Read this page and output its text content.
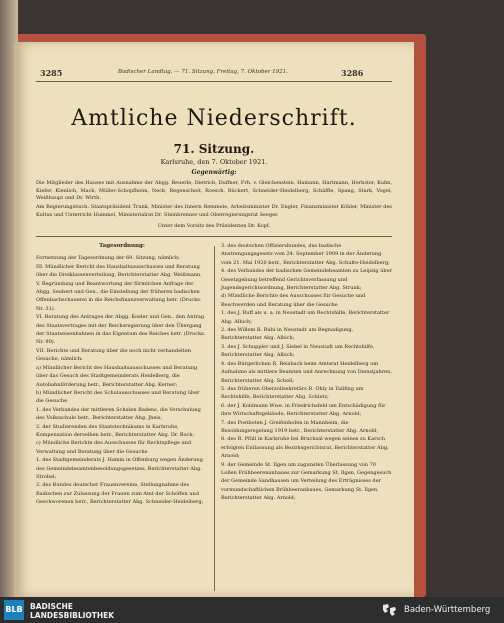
3285	Badischer Landtag. — 71. Sitzung. Freitag, 7. Oktober 1921.	3286
Amtliche Niederschrift.
71. Sitzung.
Karlsruhe, den 7. Oktober 1921.
Gegenwärtig:
Die Mitglieder des Hauses mit Ausnahme der Abgg. Beuerle, Dietrich, Duffner, Frh. v. Gleichenstein, Hamann, Hartmann, Herbster, Kuhn, Kiefer, Kienlich, Mack, Müller-Schopfheim, Neck, Regenscheit, Roesch, Rückert, Schneider-Heidelberg, Schäffle, Spang, Stark, Vogel, Weißhaupt und Dr. Wirth.
Am Regierungstisch: Staatspräsident Trunk, Minister des Innern Remmele, Arbeitsminister Dr. Engler, Finanzminister Köhler, Minister des Kultus und Unterricht Hummel, Ministerialrat Dr. Steinbrenner und Oberregierungsrat Seeger.
Unter dem Vorsitz des Präsidenten Dr. Kopf.
Tagesordnung:
Fortsetzung der Tagesordnung der 69. Sitzung, nämlich:
III. Mündlicher Bericht des Haushaltsausschusses und Beratung über die Dreiklassenverteilung, Berichterstatter Abg. Weißmann.
V. Begründung und Beantwortung der förmlichen Anfrage der Abgg. Seubert und Gen., die Einstellung der früheren badischen Offenbachschauerei in die Reichsfinanzverwaltung betr. (Drucks. Nr. 31).
VI. Beratung des Antrages der Abgg. Koeler und Gen., den Antrag des Staatsvertrages mit der Reichsregierung über den Übergang der Staatseisenbahnen in das Eigentum des Reiches betr. (Drucks. Nr. 90).
VII. Berichte und Beratung über die noch nicht verhandelten Gesuche, nämlich:
a) Mündlicher Bericht des Haushaltsausschusses und Beratung über das Gesuch des Stadtgemeinderats Heidelberg, die Autobahnförderung betr., Berichterstatter Abg. Kerner;
b) Mündlicher Bericht des Schulausschusses und Beratung über die Gesuche
1. des Verbandes der mittleren Schulen Badens, die Verschulung des Volksschule betr., Berichterstatter Abg. Jheis;
2. der Studierenden des Staatstechnikums in Karlsruhe, Kompensation derselben betr., Berichterstatter Abg. Dr. Bock;
c) Mündliche Berichte des Ausschusses für Rechtspflege und Verwaltung und Beratung über die Gesuche
1. des Stadtgemeinderats J. Hamm in Offenburg wegen Änderung des Gemeindebeamtenbesoldungsgesetzes, Berichterstatter Abg. Strobel;
2. des Bundes deutscher Frauenvereine, Stellungnahme des Badischen zur Zulassung der Frauen zum Amt der Schöffen und Geschworenen betr., Berichterstatter Abg. Schneider-Heidelberg;
3. des deutschen Offiziersbundes, das badische Anstrengungsgesetz vom 24. September 1909 in der Änderung vom 21. Mai 1920 betr., Berichterstatter Abg. Schulte-Heidelberg;
4. des Verbandes der badischen Gemeindebeamten zu Leipzig über Gesetzgebung betreffend Gerichtsverfassung und Jugendsgerichtsordnung, Berichterstatter Abg. Strunk;
d) Mündliche Berichte des Ausschusses für Gesuche und Beschwerden und Beratung über die Gesuche
1. des J. Ruff als u. a. in Neustadt um Rechtshilfe, Berichterstatter Abg. Albich;
2. des Willem B. Rubi in Neustadt um Begnadigung, Berichterstatter Abg. Albich;
3. des J. Schuppler und J. Siebel in Neustadt um Rechtshilfe, Berichterstatter Abg. Albich;
4. des Bürgerlichen R. Reisbach beim Amtsrat Heidelberg um Aufnahme als mittlere Beamten und Anrechnung von Dienstjahren, Berichterstatter Abg. Schell;
5. des früheren Oberzollsekretärs R. Ohly in Tailfing um Rechtshilfe, Berichterstatter Abg. Schletz;
6. der J. Kohlmann Wwe. in Friedrichsfeld um Entschädigung für ihre Wirtschaftsgebäude, Berichterstatter Abg. Arnold;
7. des Postboten J. Greifenhofen in Mannheim, die Besoldungsregelung 1919 betr., Berichterstatter Abg. Arnold;
8. des R. Pfüll in Karlsruhe bei Bruchsal wegen seines zu Karsch erfolgten Entlassung als Bezirksgerichtsrat, Berichterstatter Abg. Arnold;
9. der Gemeinde St. Ilgen um zugunsten Überlassung von 70 Loßen Frühbeerenanbaues zur Gemarkung St. Ilgen, Gegengesuch der Gemeinde Sandhausen um Verteilung des Erträgnisses der vormundschaftlichen Brühbeeranbaues, Gemarkung St. Ilgen, Berichterstatter Abg. Arnold;
BLB BADISCHE
LANDESBIBLIOTHEK
Baden-Württemberg
